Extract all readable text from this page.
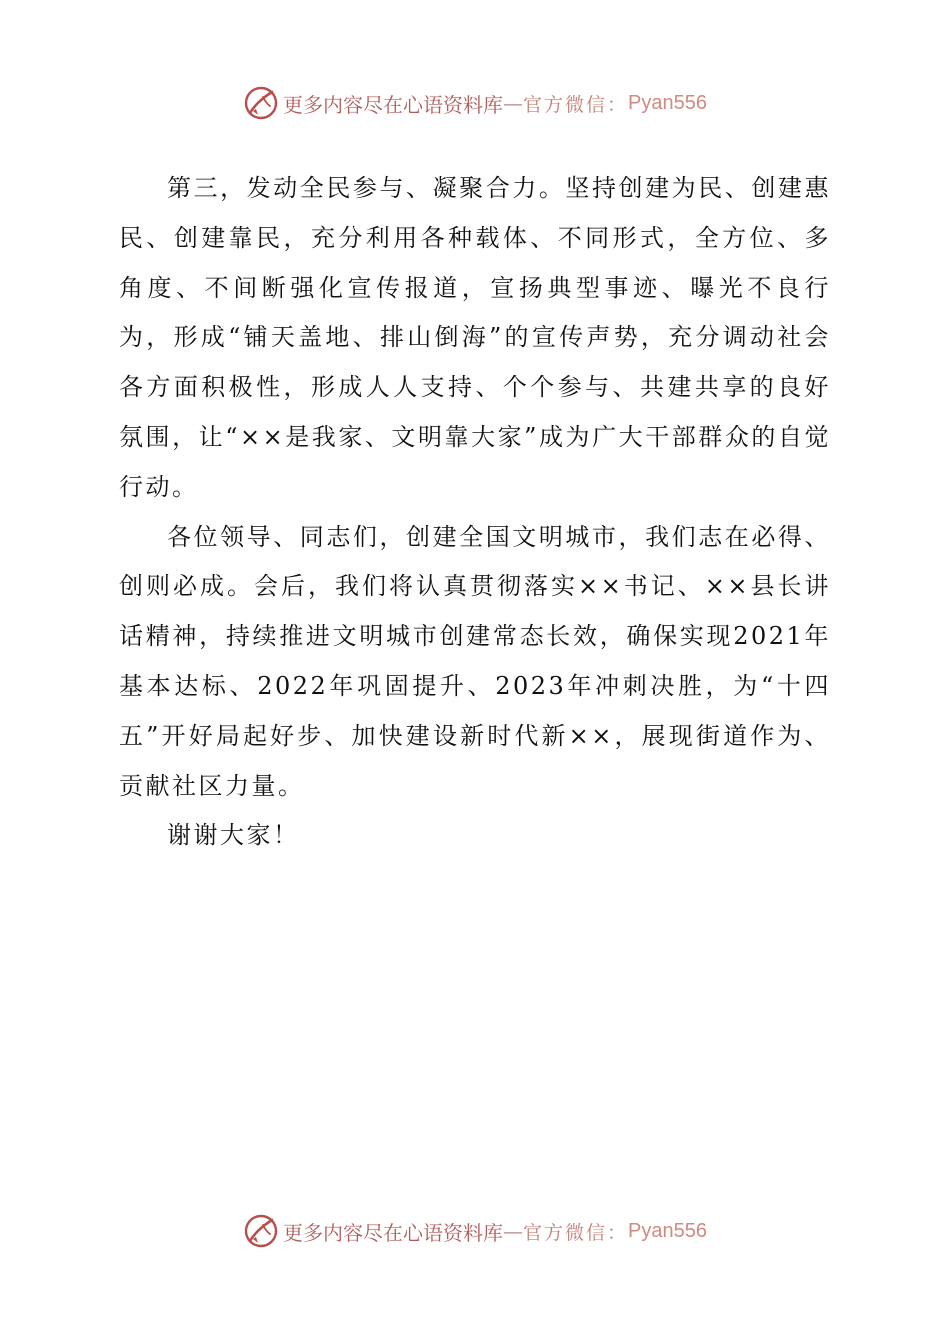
更多内容尽在心语资料库 — 官方微信： Pyan556

第三，发动全民参与、凝聚合力。坚持创建为民、创建惠民、创建靠民，充分利用各种载体、不同形式，全方位、多角度、不间断强化宣传报道，宣扬典型事迹、曝光不良行为，形成“铺天盖地、排山倒海”的宣传声势，充分调动社会各方面积极性，形成人人支持、个个参与、共建共享的良好氛围，让“××是我家、文明靠大家”成为广大干部群众的自觉行动。

各位领导、同志们，创建全国文明城市，我们志在必得、创则必成。会后，我们将认真贯彻落实××书记、××县长讲话精神，持续推进文明城市创建常态长效，确保实现2021年基本达标、2022年巩固提升、2023年冲刺决胜，为“十四五”开好局起好步、加快建设新时代新××，展现街道作为、贡献社区力量。

谢谢大家！

更多内容尽在心语资料库 — 官方微信： Pyan556
